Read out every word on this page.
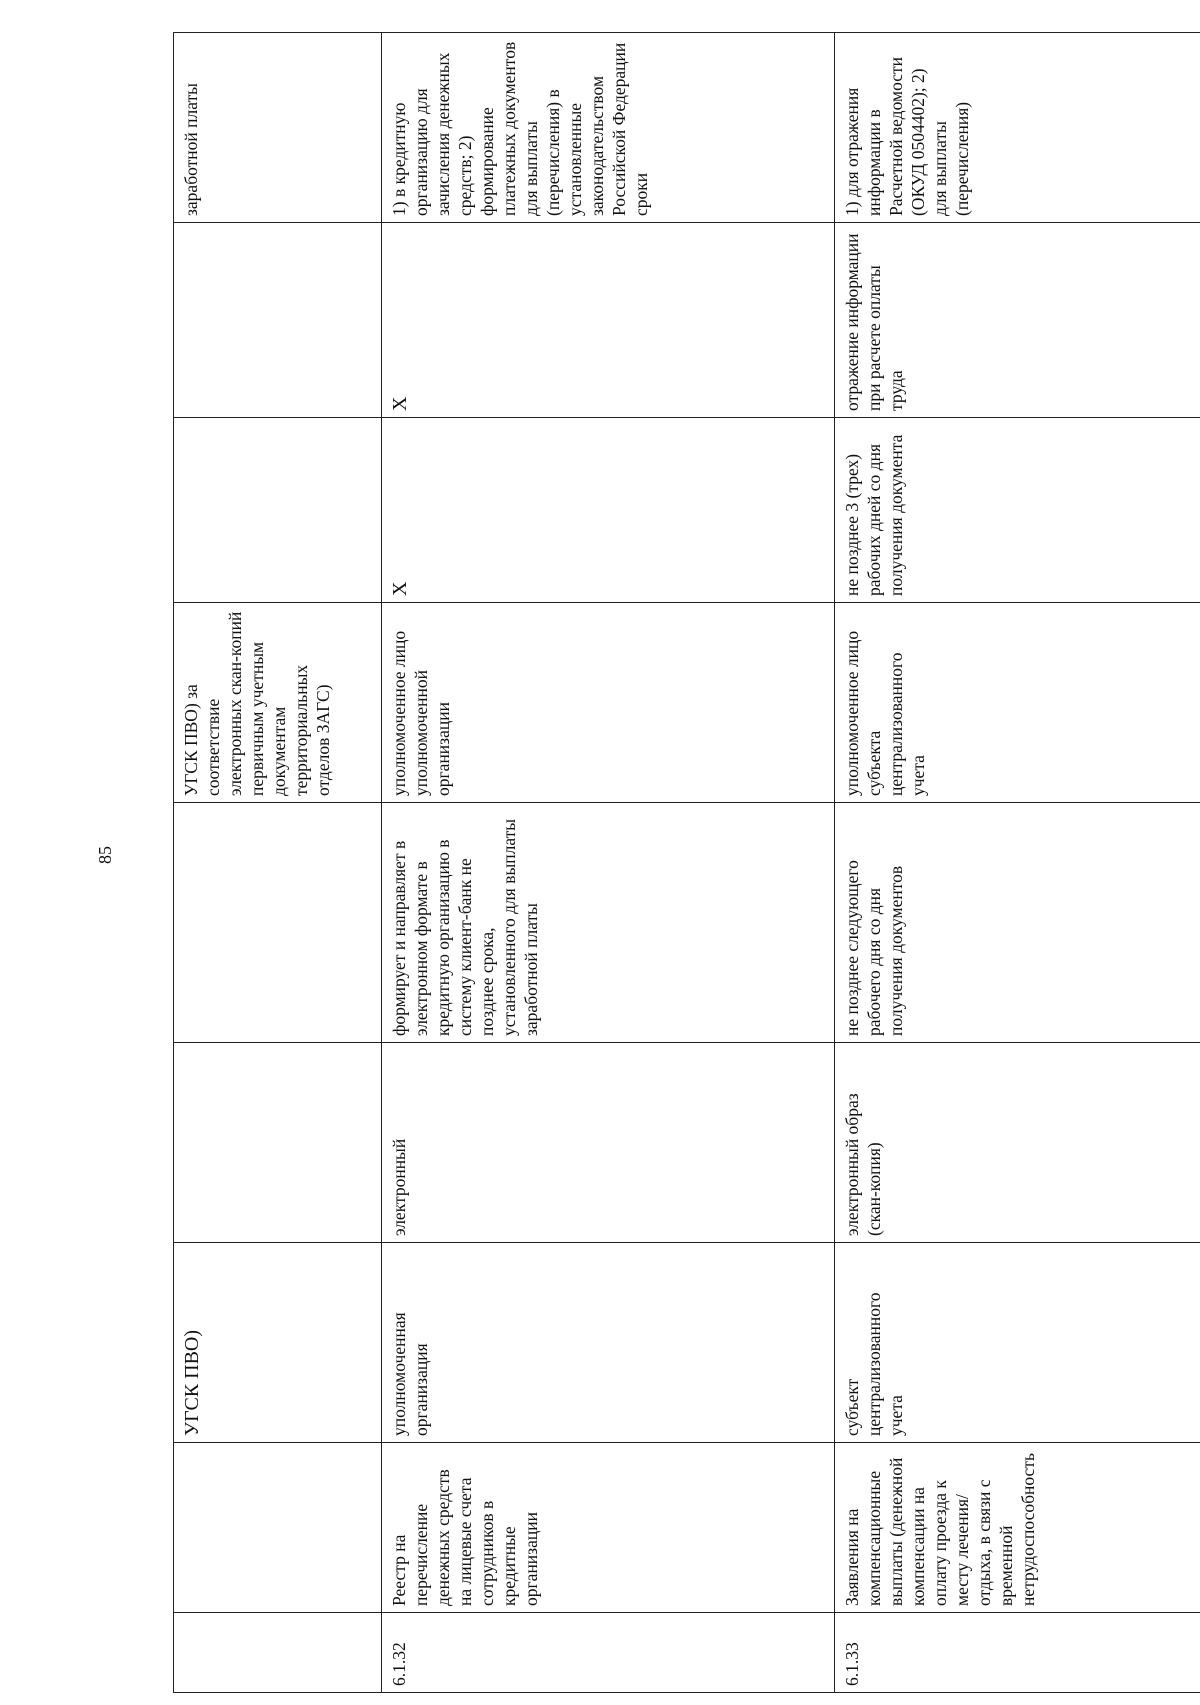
85
		УГСК ПВО)			УГСК ПВО) за соответствие электронных скан-копий первичным учетным документам территориальных отделов ЗАГС)			заработной платы
6.1.32	Реестр на перечисление денежных средств на лицевые счета сотрудников в кредитные организации	уполномоченная организация	электронный	формирует и направляет в электронном формате в кредитную организацию в систему клиент-банк не позднее срока, установленного для выплаты заработной платы	уполномоченное лицо уполномоченной организации	X	X	1) в кредитную организацию для зачисления денежных средств; 2) формирование платежных документов для выплаты (перечисления) в установленные законодательством Российской Федерации сроки
6.1.33	Заявления на компенсационные выплаты (денежной компенсации на оплату проезда к месту лечения/ отдыха, в связи с временной нетрудоспособность	субъект централизованного учета	электронный образ (скан-копия)	не позднее следующего рабочего дня со дня получения документов	уполномоченное лицо субъекта централизованного учета	не позднее 3 (трех) рабочих дней со дня получения документа	отражение информации при расчете оплаты труда	1) для отражения информации в Расчетной ведомости (ОКУД 0504402); 2) для выплаты (перечисления)
